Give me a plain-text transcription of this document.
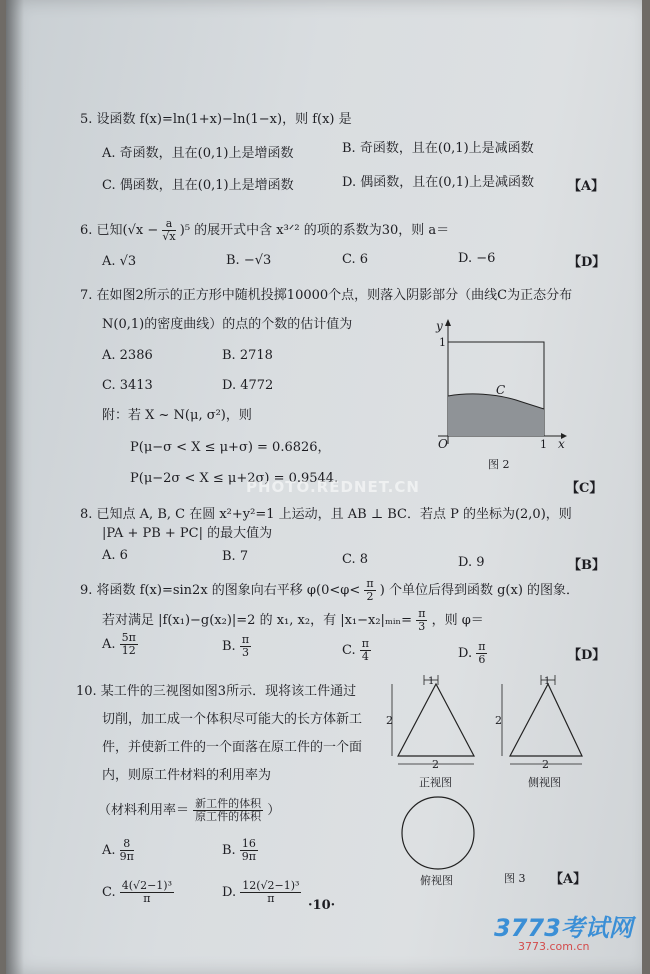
5. 设函数 f(x)=ln(1+x)−ln(1−x)，则 f(x) 是
A. 奇函数，且在(0,1)上是增函数	B. 奇函数，且在(0,1)上是减函数
C. 偶函数，且在(0,1)上是增函数	D. 偶函数，且在(0,1)上是减函数	【A】
6. 已知$(√x - \frac{a}{√x} )^5$ 的展开式中含 x³ᐟ² 的项的系数为30，则 a＝
A. √3	B. −√3	C. 6	D. −6	【D】
7. 在如图2所示的正方形中随机投掷10000个点，则落入阴影部分（曲线C为正态分布
N(0,1)的密度曲线）的点的个数的估计值为
A. 2386	B. 2718
C. 3413	D. 4772
附：若 X ~ N(μ, σ²)，则
P(μ−σ < X ≤ μ+σ) = 0.6826，
P(μ−2σ < X ≤ μ+2σ) = 0.9544．
【C】
y
1
C
O	1 x
图 2
8. 已知点 A, B, C 在圆 x²+y²=1 上运动，且 AB ⊥ BC．若点 P 的坐标为(2,0)，则
|PA + PB + PC| 的最大值为
A. 6	B. 7	C. 8	D. 9	【B】
9. 将函数 f(x)=sin2x 的图象向右平移 $\varphi(0<\varphi< \frac{\pi}{2}$ ) 个单位后得到函数 g(x) 的图象．
若对满足 |f(x₁)−g(x₂)|=2 的 x₁, x₂，有 |x₁−x₂|ₘᵢₙ= $\frac{\pi}{3}$ ，则 φ＝
A. $\frac{5\pi}{12}$	B. $\frac{\pi}{3}$	C. $\frac{\pi}{4}$	D. $\frac{\pi}{6}$	【D】
10. 某工件的三视图如图3所示．现将该工件通过
切削，加工成一个体积尽可能大的长方体新工
件，并使新工件的一个面落在原工件的一个面
内，则原工件材料的利用率为
（材料利用率＝ $\frac{\text{新工件的体积}}{\text{原工件的体积}}$ ）
A. $\frac{8}{9\pi}$	B. $\frac{16}{9\pi}$
C. $\frac{\text{4(√2−1)³}}{\pi}$	D. $\frac{\text{12(√2−1)³}}{\pi}$
【A】
1
2
2
正视图
1
2
2
侧视图
俯视图	图 3
·10·
PHOTO.REDNET.CN
3773考试网
3773.com.cn
